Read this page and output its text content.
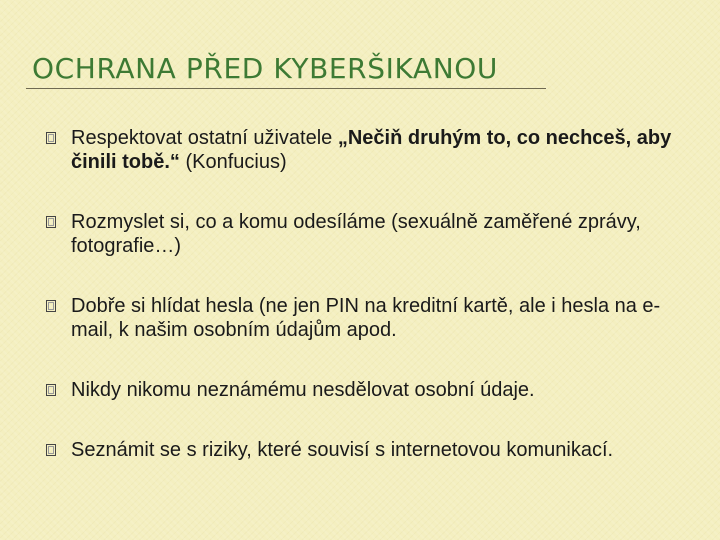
OCHRANA PŘED KYBERŠIKANOU
Respektovat ostatní uživatele „Nečiň druhým to, co nechceš, aby činili tobě.“ (Konfucius)
Rozmyslet si, co a komu odesíláme (sexuálně zaměřené zprávy, fotografie…)
Dobře si hlídat hesla (ne jen PIN na kreditní kartě, ale i hesla na e-mail, k našim osobním údajům apod.
Nikdy nikomu neznámému nesdělovat osobní údaje.
Seznámit se s riziky, které souvisí s internetovou komunikací.
